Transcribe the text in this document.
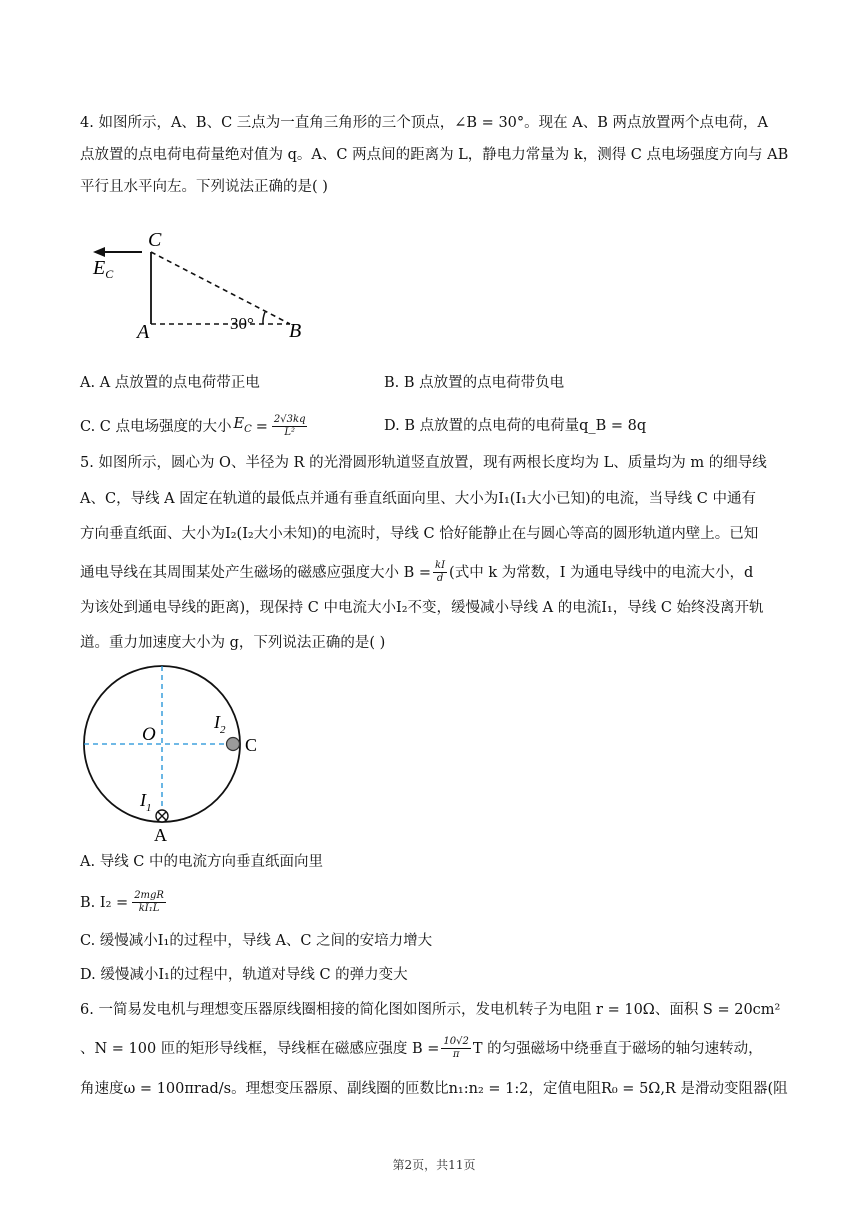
4. 如图所示，A、B、C 三点为一直角三角形的三个顶点，∠B = 30°。现在 A、B 两点放置两个点电荷，A
点放置的点电荷电荷量绝对值为 q。A、C 两点间的距离为 L，静电力常量为 k，测得 C 点电场强度方向与 AB
平行且水平向左。下列说法正确的是( )
C
$E_C$
30°
A	B
A. A 点放置的点电荷带正电	B. B 点放置的点电荷带负电
C. C 点电场强度的大小 $E_C = \frac{2√3kq}{\text{L²}}$	D. B 点放置的点电荷的电荷量q_B = 8q
5. 如图所示，圆心为 O、半径为 R 的光滑圆形轨道竖直放置，现有两根长度均为 L、质量均为 m 的细导线
A、C，导线 A 固定在轨道的最低点并通有垂直纸面向里、大小为I₁(I₁大小已知)的电流，当导线 C 中通有
方向垂直纸面、大小为I₂(I₂大小未知)的电流时，导线 C 恰好能静止在与圆心等高的圆形轨道内壁上。已知
通电导线在其周围某处产生磁场的磁感应强度大小 $B = \frac{kI}{d}$ (式中 k 为常数，I 为通电导线中的电流大小，d
为该处到通电导线的距离)，现保持 C 中电流大小I₂不变，缓慢减小导线 A 的电流I₁，导线 C 始终没离开轨
道。重力加速度大小为 g，下列说法正确的是( )
O
$I_2$
C
$I_1$
A
A. 导线 C 中的电流方向垂直纸面向里
B. I₂ = 2mgR
kI₁L
C. 缓慢减小I₁的过程中，导线 A、C 之间的安培力增大
D. 缓慢减小I₁的过程中，轨道对导线 C 的弹力变大
6. 一简易发电机与理想变压器原线圈相接的简化图如图所示，发电机转子为电阻 r = 10Ω、面积 S = 20cm²
、N = 100 匝的矩形导线框，导线框在磁感应强度 $B = \frac{10√2}{\pi}$ T 的匀强磁场中绕垂直于磁场的轴匀速转动，
角速度ω = 100πrad/s。理想变压器原、副线圈的匝数比n₁:n₂ = 1:2，定值电阻R₀ = 5Ω,R 是滑动变阻器(阻
第2页，共11页
